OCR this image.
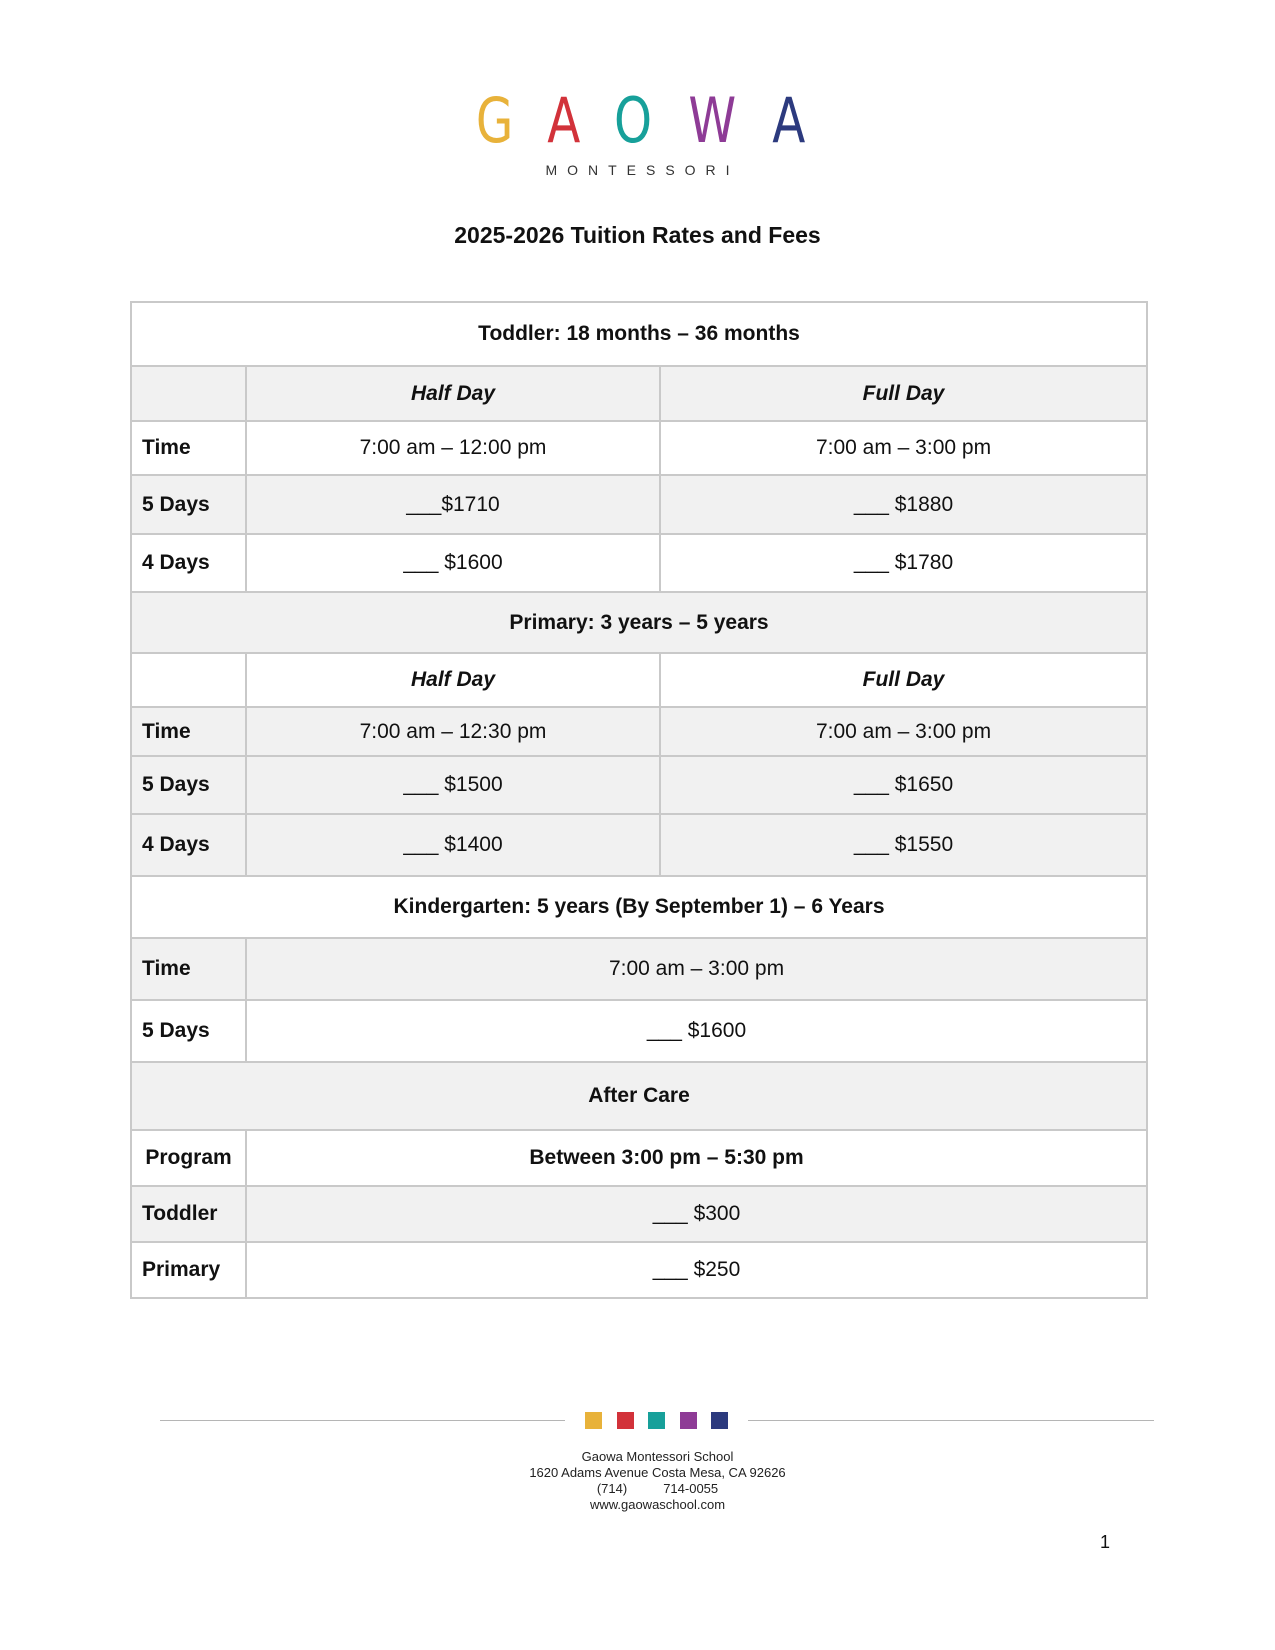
G A O W A
MONTESSORI
2025-2026 Tuition Rates and Fees
Toddler: 18 months – 36 months		
	Half Day	Full Day
Time	7:00 am – 12:00 pm	7:00 am – 3:00 pm
5 Days	___$1710	___ $1880
4 Days	___ $1600	___ $1780
Primary: 3 years – 5 years		
	Half Day	Full Day
Time	7:00 am – 12:30 pm	7:00 am – 3:00 pm
5 Days	___ $1500	___ $1650
4 Days	___ $1400	___ $1550
Kindergarten: 5 years (By September 1) – 6 Years		
Time	7:00 am – 3:00 pm	
5 Days	___ $1600	
After Care		
Program	Between 3:00 pm – 5:30 pm	
Toddler	___ $300	
Primary	___ $250	
Gaowa Montessori School
1620 Adams Avenue Costa Mesa, CA 92626
(714)	714-0055
www.gaowaschool.com
1
